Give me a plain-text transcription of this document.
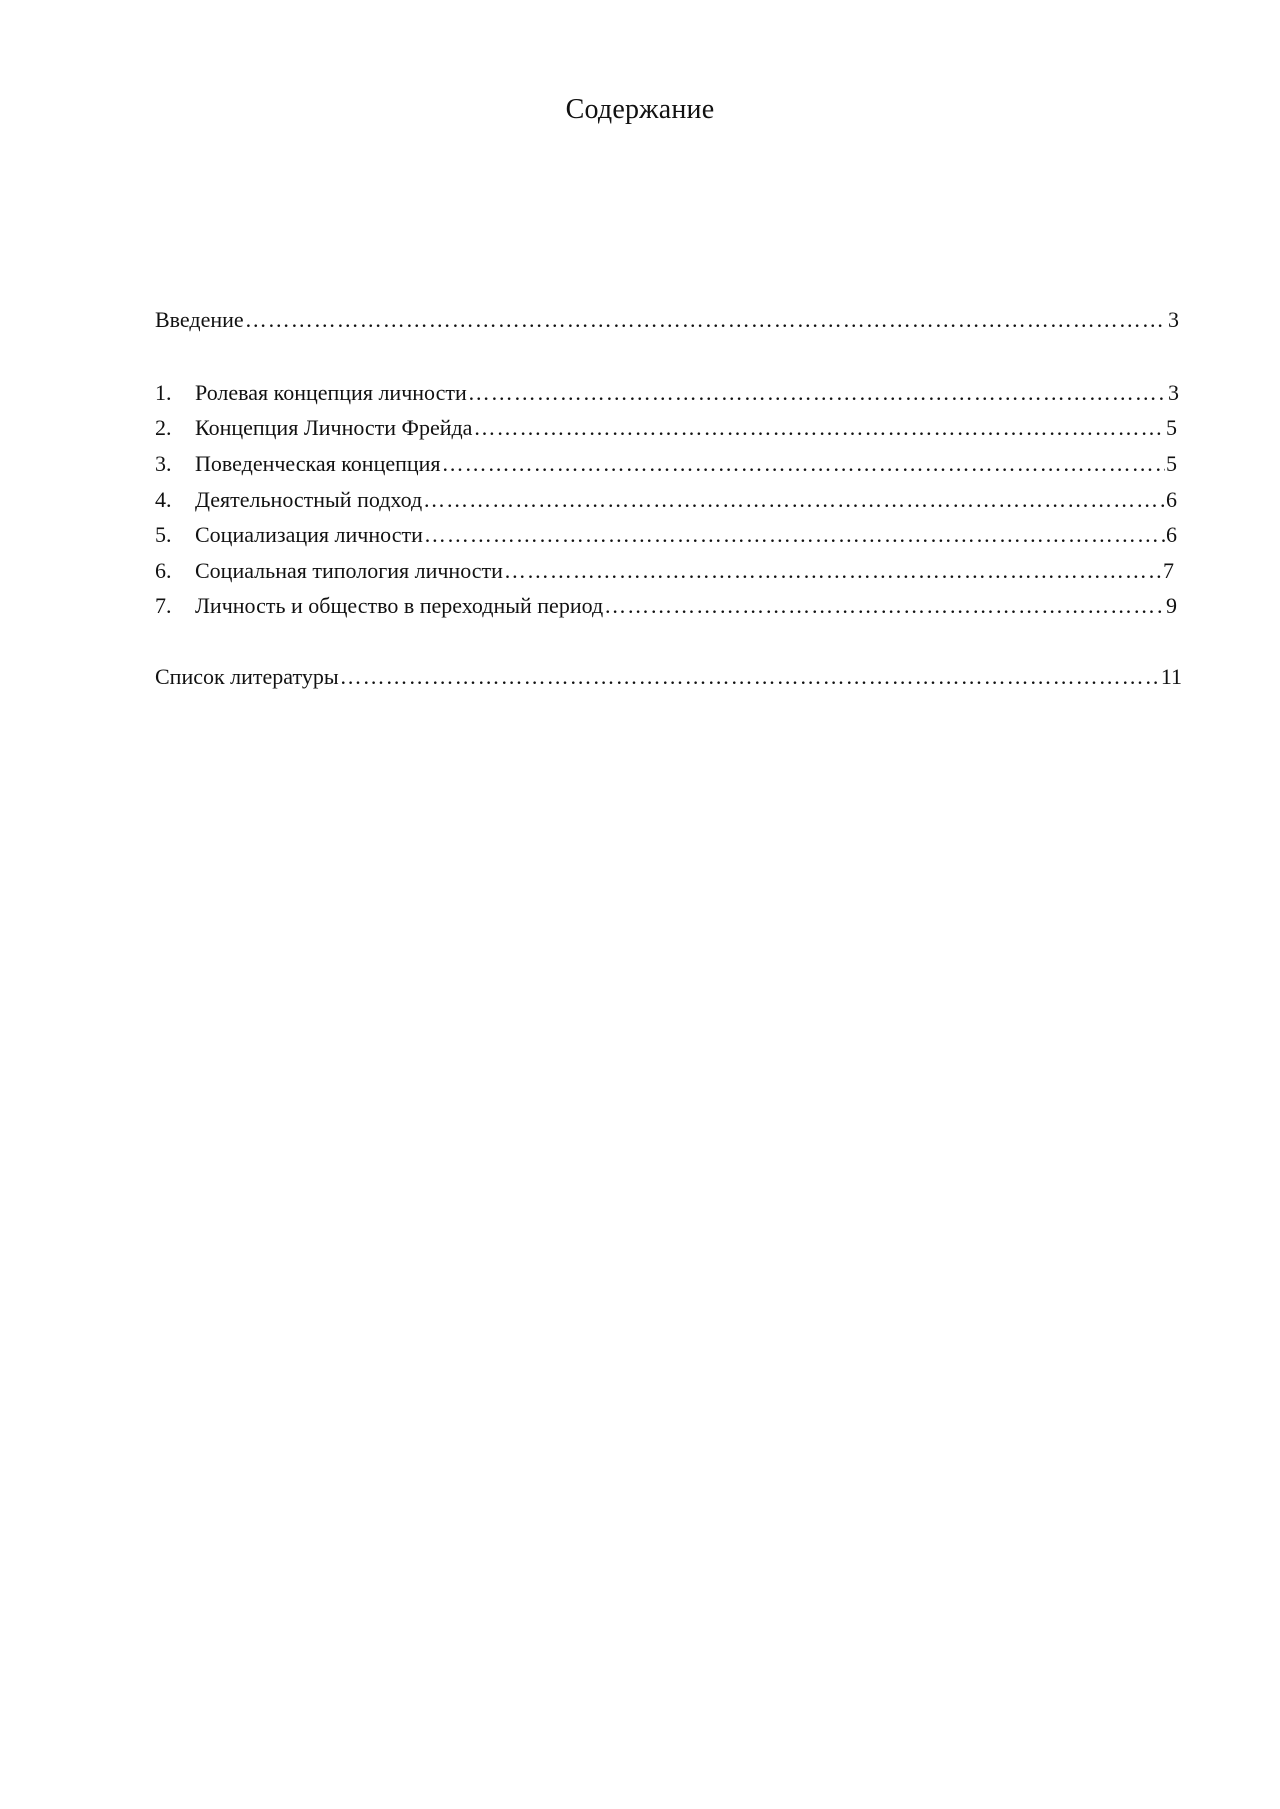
Содержание
Введение …………………………………………………………………………………………………………………………………………………………………………………………………………………………………………	3
1.	Ролевая концепция личности …………………………………………………………………………………………………………………………………………………………………………………………………………………………………………	3
2.	Концепция Личности Фрейда …………………………………………………………………………………………………………………………………………………………………………………………………………………………………………	5
3.	Поведенческая концепция …………………………………………………………………………………………………………………………………………………………………………………………………………………………………………	5
4.	Деятельностный подход …………………………………………………………………………………………………………………………………………………………………………………………………………………………………………	6
5.	Социализация личности …………………………………………………………………………………………………………………………………………………………………………………………………………………………………………	6
6.	Социальная типология личности …………………………………………………………………………………………………………………………………………………………………………………………………………………………………………	7
7.	Личность и общество в переходный период …………………………………………………………………………………………………………………………………………………………………………………………………………………………………………	9
Список литературы …………………………………………………………………………………………………………………………………………………………………………………………………………………………………………	11
